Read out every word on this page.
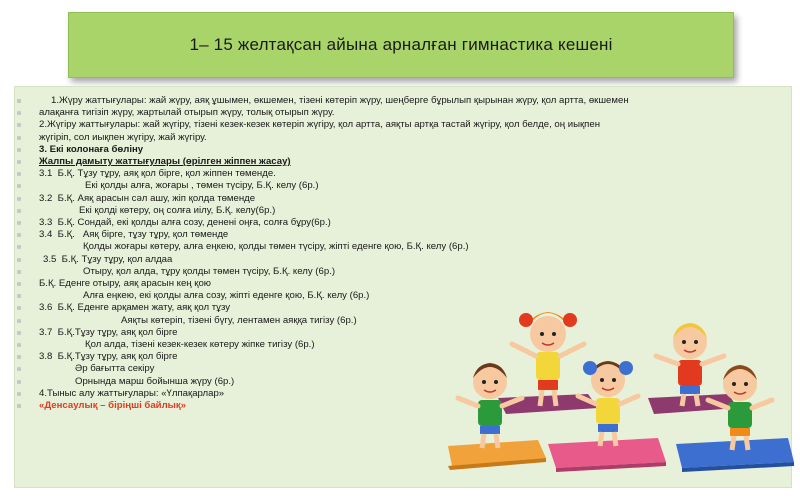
1– 15 желтақсан айына арналған гимнастика кешені
1.Жүру жаттығулары: жай жүру, аяқ ұшымен, өкшемен, тізені көтеріп жүру, шеңберге бұрылып қырынан жүру, қол артта, өкшемен
алақанға тигізіп жүру, жартылай отырып жүру, толық отырып жүру.
2.Жүгіру жаттығулары: жай жүгіру, тізені кезек-кезек көтеріп жүгіру, қол артта, аяқты артқа тастай жүгіру, қол белде, оң иықпен
жүгіріп, сол иықпен жүгіру, жай жүгіру.
3. Екі колонаға бөліну
Жалпы дамыту жаттығулары (өрілген жіппен жасау)
3.1  Б.Қ. Тұзу тұру, аяқ қол бірге, қол жіппен төменде.
Екі қолды алға, жоғары , төмен түсіру, Б.Қ. келу (6р.)
3.2  Б.Қ. Аяқ арасын сәл ашу, жіп қолда төменде
Екі қолді көтеру, оң солға иілу, Б.Қ. келу(6р.)
3.3  Б.Қ. Сондай, екі қолды алға созу, денені оңға, солға бұру(6р.)
3.4  Б.Қ.   Аяқ бірге, тұзу тұру, қол төменде
Қолды жоғары көтеру, алға еңкею, қолды төмен түсіру, жіпті еденге қою, Б.Қ. келу (6р.)
3.5  Б.Қ. Тұзу тұру, қол алдаа
Отыру, қол алда, тұру қолды төмен түсіру, Б.Қ. келу (6р.)
Б.Қ. Еденге отыру, аяқ арасын кең қою
Алға еңкею, екі қолды алға созу, жіпті еденге қою, Б.Қ. келу (6р.)
3.6  Б.Қ. Еденге арқамен жату, аяқ қол тұзу
Аяқты көтеріп, тізені бүгу, лентамен аяққа тигізу (6р.)
3.7  Б.Қ.Тұзу тұру, аяқ қол бірге
Қол алда, тізені кезек-кезек көтеру жіпке тигізу (6р.)
3.8  Б.Қ.Тұзу тұру, аяқ қол бірге
Әр бағытта секіру
Орнында марш бойынша жүру (6р.)
4.Тыныс алу жаттығулары: «Үлпақарлар»
«Денсаулық – біріңші байлық»
